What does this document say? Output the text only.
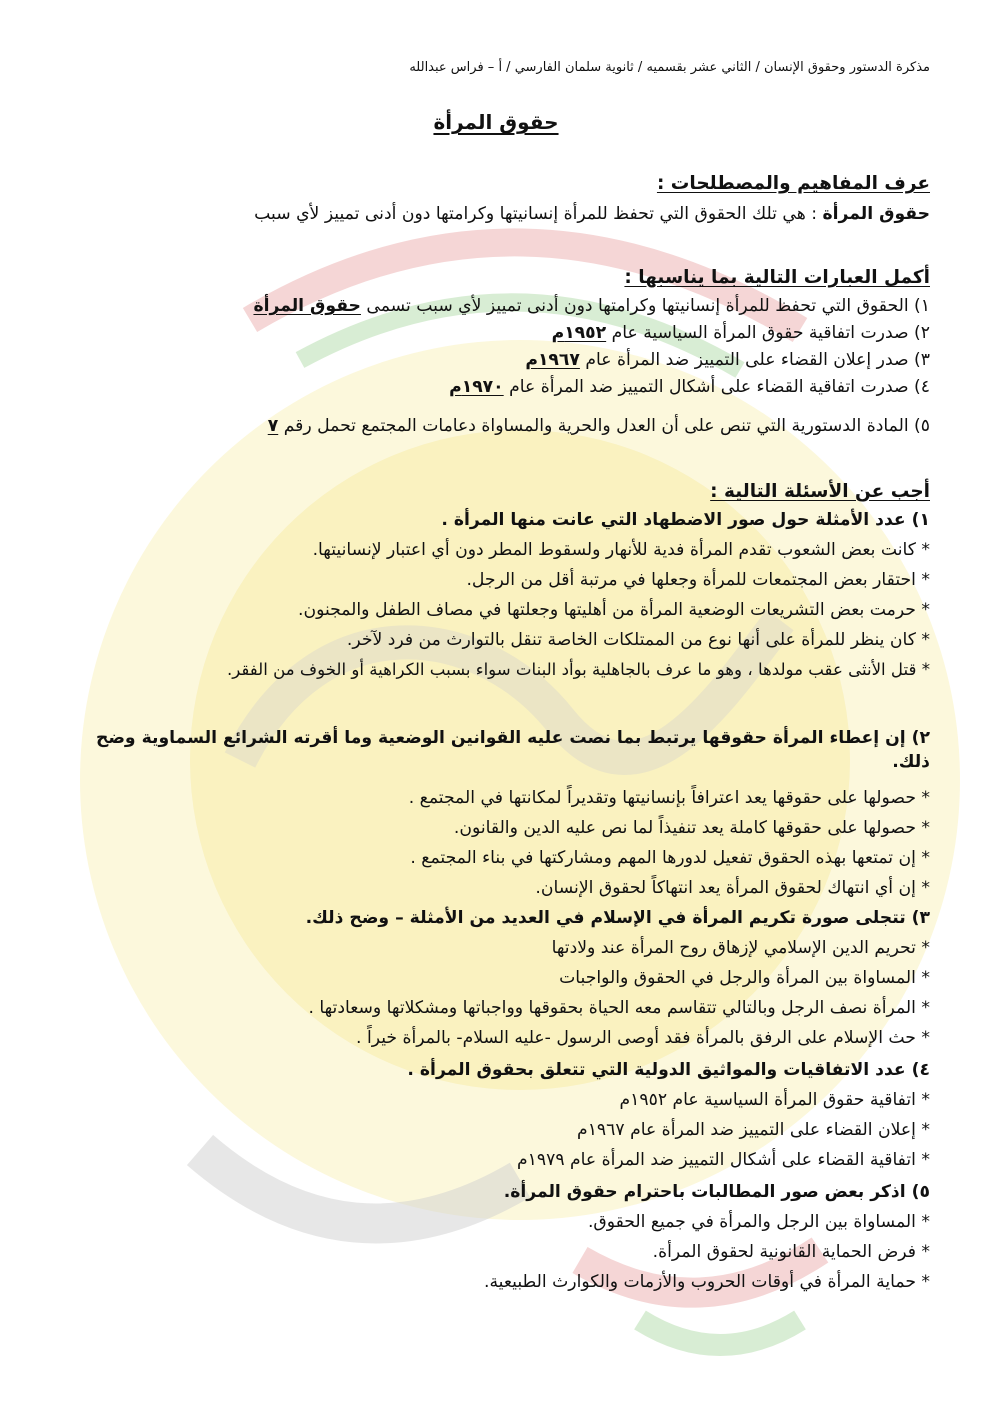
مذكرة الدستور وحقوق الإنسان / الثاني عشر بقسميه / ثانوية سلمان الفارسي / أ – فراس عبدالله
حقوق المرأة
عرف المفاهيم والمصطلحات :
حقوق المرأة : هي تلك الحقوق التي تحفظ للمرأة إنسانيتها وكرامتها دون أدنى تمييز لأي سبب
أكمل العبارات التالية بما يناسبها :
١) الحقوق التي تحفظ للمرأة إنسانيتها وكرامتها دون أدنى تمييز لأي سبب تسمى حقوق المرأة
٢) صدرت اتفاقية حقوق المرأة السياسية عام ١٩٥٢م
٣) صدر إعلان القضاء على التمييز ضد المرأة عام ١٩٦٧م
٤) صدرت اتفاقية القضاء على أشكال التمييز ضد المرأة عام ١٩٧٠م
٥) المادة الدستورية التي تنص على أن العدل والحرية والمساواة دعامات المجتمع تحمل رقم ٧
أجب عن الأسئلة التالية :
١) عدد الأمثلة حول صور الاضطهاد التي عانت منها المرأة .
* كانت بعض الشعوب تقدم المرأة فدية للأنهار ولسقوط المطر دون أي اعتبار لإنسانيتها.
* احتقار بعض المجتمعات للمرأة وجعلها في مرتبة أقل من الرجل.
* حرمت بعض التشريعات الوضعية المرأة من أهليتها وجعلتها في مصاف الطفل والمجنون.
* كان ينظر للمرأة على أنها نوع من الممتلكات الخاصة تنقل بالتوارث من فرد لآخر.
* قتل الأنثى عقب مولدها ، وهو ما عرف بالجاهلية بوأد البنات سواء بسبب الكراهية أو الخوف من الفقر.
٢) إن إعطاء المرأة حقوقها يرتبط بما نصت عليه القوانين الوضعية وما أقرته الشرائع السماوية وضح ذلك.
* حصولها على حقوقها يعد اعترافاً بإنسانيتها وتقديراً لمكانتها في المجتمع .
* حصولها على حقوقها كاملة يعد تنفيذاً لما نص عليه الدين والقانون.
* إن تمتعها بهذه الحقوق تفعيل لدورها المهم ومشاركتها في بناء المجتمع .
* إن أي انتهاك لحقوق المرأة يعد انتهاكاً لحقوق الإنسان.
٣) تتجلى صورة تكريم المرأة في الإسلام في العديد من الأمثلة – وضح ذلك.
* تحريم الدين الإسلامي لإزهاق روح المرأة عند ولادتها
* المساواة بين المرأة والرجل في الحقوق والواجبات
* المرأة نصف الرجل وبالتالي تتقاسم معه الحياة بحقوقها وواجباتها ومشكلاتها وسعادتها .
* حث الإسلام على الرفق بالمرأة فقد أوصى الرسول -عليه السلام- بالمرأة خيراً .
٤) عدد الاتفاقيات والمواثيق الدولية التي تتعلق بحقوق المرأة .
* اتفاقية حقوق المرأة السياسية عام ١٩٥٢م
* إعلان القضاء على التمييز ضد المرأة عام ١٩٦٧م
* اتفاقية القضاء على أشكال التمييز ضد المرأة عام ١٩٧٩م
٥) اذكر بعض صور المطالبات باحترام حقوق المرأة.
* المساواة بين الرجل والمرأة في جميع الحقوق.
* فرض الحماية القانونية لحقوق المرأة.
* حماية المرأة في أوقات الحروب والأزمات والكوارث الطبيعية.
